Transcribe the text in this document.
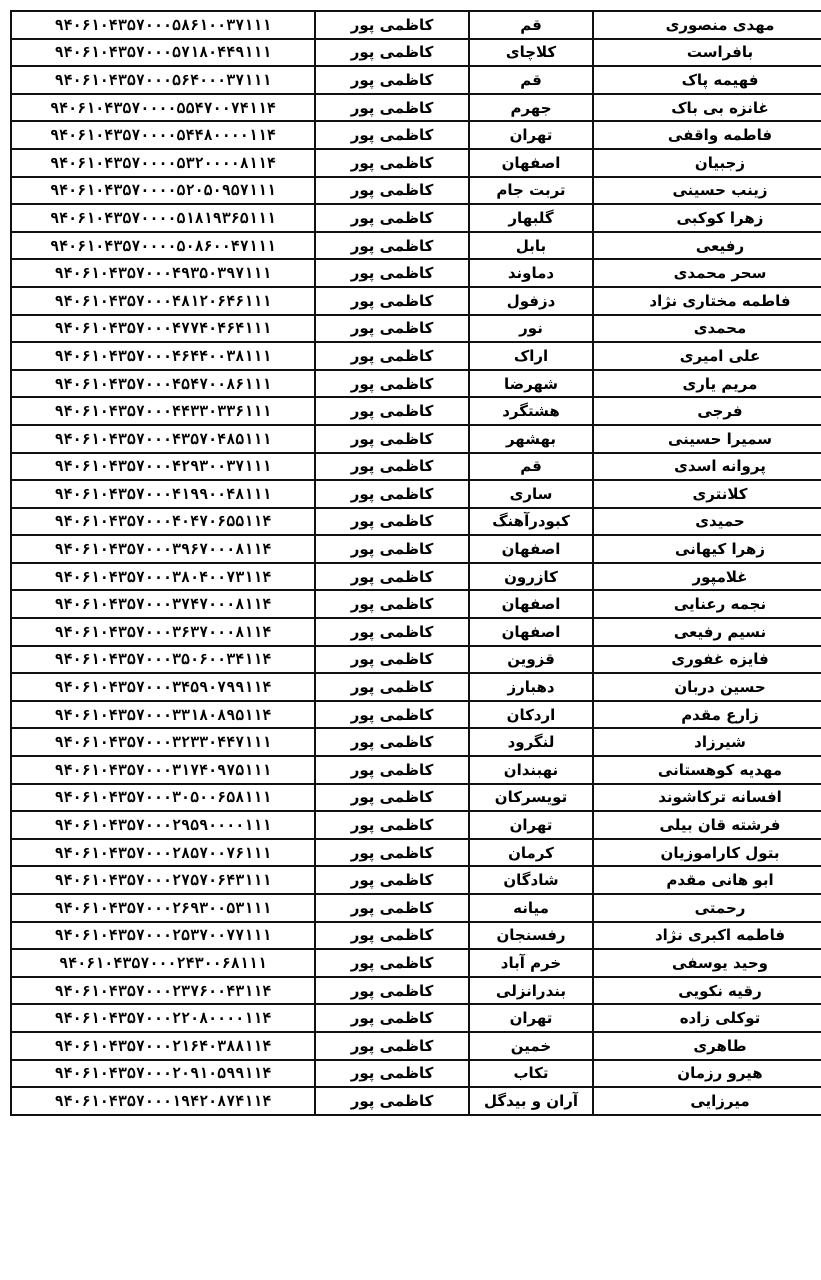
۹۴۰۶۱۰۴۳۵۷۰۰۰۵۸۶۱۰۰۳۷۱۱۱	کاظمی پور	قم	مهدی منصوری
۹۴۰۶۱۰۴۳۵۷۰۰۰۵۷۱۸۰۴۴۹۱۱۱	کاظمی پور	کلاچای	بافراست
۹۴۰۶۱۰۴۳۵۷۰۰۰۵۶۴۰۰۰۳۷۱۱۱	کاظمی پور	قم	فهیمه پاک
۹۴۰۶۱۰۴۳۵۷۰۰۰۰۵۵۴۷۰۰۷۴۱۱۴	کاظمی پور	جهرم	غانزه بی باک
۹۴۰۶۱۰۴۳۵۷۰۰۰۰۵۴۴۸۰۰۰۰۱۱۴	کاظمی پور	تهران	فاطمه واقفی
۹۴۰۶۱۰۴۳۵۷۰۰۰۰۵۳۲۰۰۰۰۸۱۱۴	کاظمی پور	اصفهان	زجبیان
۹۴۰۶۱۰۴۳۵۷۰۰۰۰۵۲۰۵۰۹۵۷۱۱۱	کاظمی پور	تربت جام	زینب حسینی
۹۴۰۶۱۰۴۳۵۷۰۰۰۰۵۱۸۱۹۳۶۵۱۱۱	کاظمی پور	گلبهار	زهرا کوکبی
۹۴۰۶۱۰۴۳۵۷۰۰۰۰۵۰۸۶۰۰۴۷۱۱۱	کاظمی پور	بابل	رفیعی
۹۴۰۶۱۰۴۳۵۷۰۰۰۴۹۳۵۰۳۹۷۱۱۱	کاظمی پور	دماوند	سحر محمدی
۹۴۰۶۱۰۴۳۵۷۰۰۰۴۸۱۲۰۶۴۶۱۱۱	کاظمی پور	دزفول	فاطمه مختاری نژاد
۹۴۰۶۱۰۴۳۵۷۰۰۰۴۷۷۴۰۴۶۴۱۱۱	کاظمی پور	نور	محمدی
۹۴۰۶۱۰۴۳۵۷۰۰۰۴۶۴۴۰۰۳۸۱۱۱	کاظمی پور	اراک	علی امیری
۹۴۰۶۱۰۴۳۵۷۰۰۰۴۵۴۷۰۰۸۶۱۱۱	کاظمی پور	شهرضا	مریم یاری
۹۴۰۶۱۰۴۳۵۷۰۰۰۴۴۳۳۰۳۳۶۱۱۱	کاظمی پور	هشتگرد	فرجی
۹۴۰۶۱۰۴۳۵۷۰۰۰۴۳۵۷۰۴۸۵۱۱۱	کاظمی پور	بهشهر	سمیرا حسینی
۹۴۰۶۱۰۴۳۵۷۰۰۰۴۲۹۳۰۰۳۷۱۱۱	کاظمی پور	قم	پروانه اسدی
۹۴۰۶۱۰۴۳۵۷۰۰۰۴۱۹۹۰۰۴۸۱۱۱	کاظمی پور	ساری	کلانتری
۹۴۰۶۱۰۴۳۵۷۰۰۰۴۰۴۷۰۶۵۵۱۱۴	کاظمی پور	کبودرآهنگ	حمیدی
۹۴۰۶۱۰۴۳۵۷۰۰۰۳۹۶۷۰۰۰۸۱۱۴	کاظمی پور	اصفهان	زهرا کیهانی
۹۴۰۶۱۰۴۳۵۷۰۰۰۳۸۰۴۰۰۷۳۱۱۴	کاظمی پور	کازرون	غلامپور
۹۴۰۶۱۰۴۳۵۷۰۰۰۳۷۴۷۰۰۰۸۱۱۴	کاظمی پور	اصفهان	نجمه رعنایی
۹۴۰۶۱۰۴۳۵۷۰۰۰۳۶۳۷۰۰۰۸۱۱۴	کاظمی پور	اصفهان	نسیم رفیعی
۹۴۰۶۱۰۴۳۵۷۰۰۰۳۵۰۶۰۰۳۴۱۱۴	کاظمی پور	قزوین	فایزه غفوری
۹۴۰۶۱۰۴۳۵۷۰۰۰۳۴۵۹۰۷۹۹۱۱۴	کاظمی پور	دهبارز	حسین دربان
۹۴۰۶۱۰۴۳۵۷۰۰۰۳۳۱۸۰۸۹۵۱۱۴	کاظمی پور	اردکان	زارع مقدم
۹۴۰۶۱۰۴۳۵۷۰۰۰۳۲۳۳۰۴۴۷۱۱۱	کاظمی پور	لنگرود	شیرزاد
۹۴۰۶۱۰۴۳۵۷۰۰۰۳۱۷۴۰۹۷۵۱۱۱	کاظمی پور	نهبندان	مهدیه کوهستانی
۹۴۰۶۱۰۴۳۵۷۰۰۰۳۰۵۰۰۶۵۸۱۱۱	کاظمی پور	تویسرکان	افسانه ترکاشوند
۹۴۰۶۱۰۴۳۵۷۰۰۰۲۹۵۹۰۰۰۰۱۱۱	کاظمی پور	تهران	فرشته قان بیلی
۹۴۰۶۱۰۴۳۵۷۰۰۰۲۸۵۷۰۰۷۶۱۱۱	کاظمی پور	کرمان	بتول کاراموزیان
۹۴۰۶۱۰۴۳۵۷۰۰۰۲۷۵۷۰۶۴۳۱۱۱	کاظمی پور	شادگان	ابو هانی مقدم
۹۴۰۶۱۰۴۳۵۷۰۰۰۲۶۹۳۰۰۵۳۱۱۱	کاظمی پور	میانه	رحمتی
۹۴۰۶۱۰۴۳۵۷۰۰۰۲۵۳۷۰۰۷۷۱۱۱	کاظمی پور	رفسنجان	فاطمه اکبری نژاد
۹۴۰۶۱۰۴۳۵۷۰۰۰۲۴۳۰۰۶۸۱۱۱	کاظمی پور	خرم آباد	وحید یوسفی
۹۴۰۶۱۰۴۳۵۷۰۰۰۲۳۷۶۰۰۴۳۱۱۴	کاظمی پور	بندرانزلی	رقیه نکویی
۹۴۰۶۱۰۴۳۵۷۰۰۰۲۲۰۸۰۰۰۰۱۱۴	کاظمی پور	تهران	توکلی زاده
۹۴۰۶۱۰۴۳۵۷۰۰۰۲۱۶۴۰۳۸۸۱۱۴	کاظمی پور	خمین	طاهری
۹۴۰۶۱۰۴۳۵۷۰۰۰۲۰۹۱۰۵۹۹۱۱۴	کاظمی پور	تکاب	هیرو رزمان
۹۴۰۶۱۰۴۳۵۷۰۰۰۱۹۴۲۰۸۷۴۱۱۴	کاظمی پور	آران و بیدگل	میرزایی
